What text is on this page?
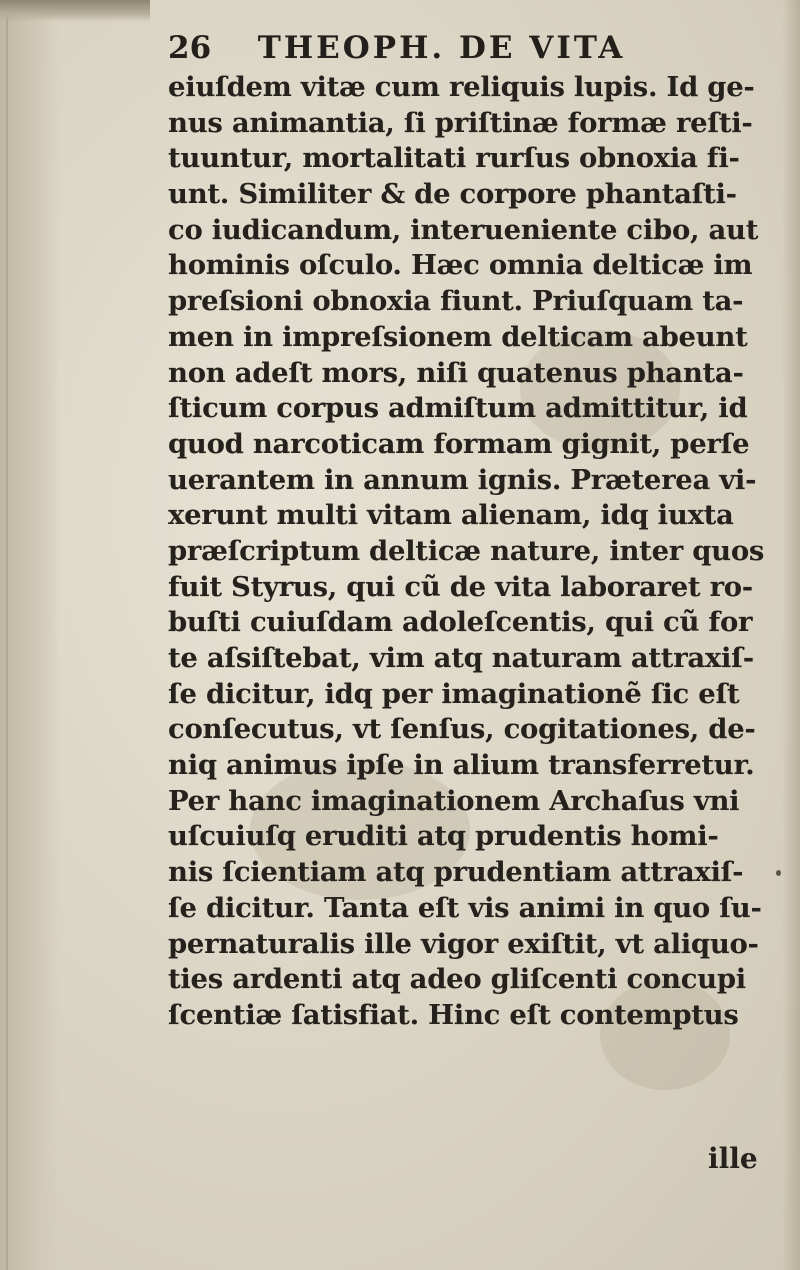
26 THEOPH. DE VITA
eiuſdem vitæ cum reliquis lupis. Id ge-
nus animantia, ſi priſtinæ formæ reſti-
tuuntur, mortalitati rurſus obnoxia fi-
unt. Similiter & de corpore phantaſti-
co iudicandum, interueniente cibo, aut
hominis oſculo. Hæc omnia delticæ im
preſsioni obnoxia fiunt. Priuſquam ta-
men in impreſsionem delticam abeunt
non adeſt mors, niſi quatenus phanta-
ſticum corpus admiſtum admittitur, id
quod narcoticam formam gignit, perſe
uerantem in annum ignis. Præterea vi-
xerunt multi vitam alienam, idq iuxta
præſcriptum delticæ nature, inter quos
fuit Styrus, qui cũ de vita laboraret ro-
buſti cuiuſdam adoleſcentis, qui cũ for
te aſsiſtebat, vim atq naturam attraxiſ-
ſe dicitur, idq per imaginationẽ ſic eſt
conſecutus, vt ſenſus, cogitationes, de-
niq animus ipſe in alium transferretur.
Per hanc imaginationem Archaſus vni
uſcuiuſq eruditi atq prudentis homi-
nis ſcientiam atq prudentiam attraxiſ-
ſe dicitur. Tanta eſt vis animi in quo ſu-
pernaturalis ille vigor exiſtit, vt aliquo-
ties ardenti atq adeo gliſcenti concupi
ſcentiæ ſatisfiat. Hinc eſt contemptus
ille
